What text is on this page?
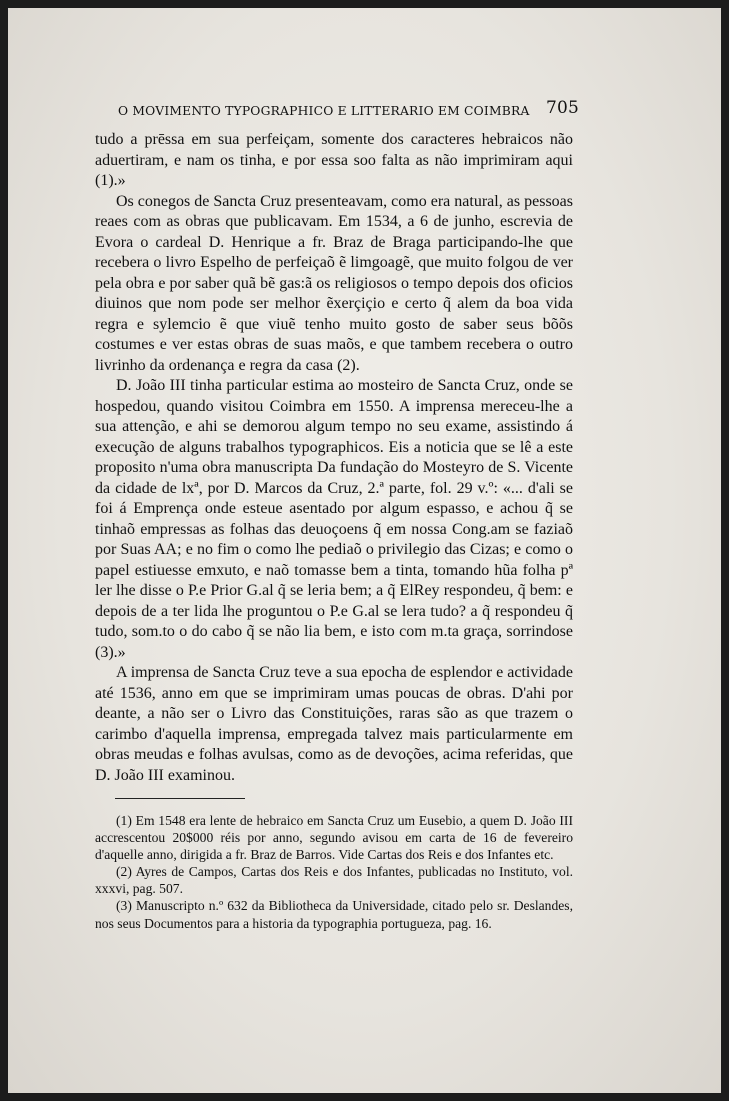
O MOVIMENTO TYPOGRAPHICO E LITTERARIO EM COIMBRA 705

tudo a prēssa em sua perfeiçam, somente dos caracteres hebraicos não aduertiram, e nam os tinha, e por essa soo falta as não imprimiram aqui (1).»

Os conegos de Sancta Cruz presenteavam, como era natural, as pessoas reaes com as obras que publicavam. Em 1534, a 6 de junho, escrevia de Evora o cardeal D. Henrique a fr. Braz de Braga participando-lhe que recebera o livro Espelho de perfeiçaõ ẽ limgoagẽ, que muito folgou de ver pela obra e por saber quã bẽ gas:ã os religiosos o tempo depois dos oficios diuinos que nom pode ser melhor ẽxerçiçio e certo q̃ alem da boa vida regra e sylemcio ẽ que viuẽ tenho muito gosto de saber seus bõõs costumes e ver estas obras de suas maõs, e que tambem recebera o outro livrinho da ordenança e regra da casa (2).

D. João III tinha particular estima ao mosteiro de Sancta Cruz, onde se hospedou, quando visitou Coimbra em 1550. A imprensa mereceu-lhe a sua attenção, e ahi se demorou algum tempo no seu exame, assistindo á execução de alguns trabalhos typographicos. Eis a noticia que se lê a este proposito n'uma obra manuscripta Da fundação do Mosteyro de S. Vicente da cidade de lxª, por D. Marcos da Cruz, 2.ª parte, fol. 29 v.º: «... d'ali se foi á Emprença onde esteue asentado por algum espasso, e achou q̃ se tinhaõ empressas as folhas das deuoçoens q̃ em nossa Cong.am se faziaõ por Suas AA; e no fim o como lhe pediaõ o privilegio das Cizas; e como o papel estiuesse emxuto, e naõ tomasse bem a tinta, tomando hũa folha pª ler lhe disse o P.e Prior G.al q̃ se leria bem; a q̃ ElRey respondeu, q̃ bem: e depois de a ter lida lhe proguntou o P.e G.al se lera tudo? a q̃ respondeu q̃ tudo, som.to o do cabo q̃ se não lia bem, e isto com m.ta graça, sorrindose (3).»

A imprensa de Sancta Cruz teve a sua epocha de esplendor e actividade até 1536, anno em que se imprimiram umas poucas de obras. D'ahi por deante, a não ser o Livro das Constituições, raras são as que trazem o carimbo d'aquella imprensa, empregada talvez mais particularmente em obras meudas e folhas avulsas, como as de devoções, acima referidas, que D. João III examinou.

(1) Em 1548 era lente de hebraico em Sancta Cruz um Eusebio, a quem D. João III accrescentou 20$000 réis por anno, segundo avisou em carta de 16 de fevereiro d'aquelle anno, dirigida a fr. Braz de Barros. Vide Cartas dos Reis e dos Infantes etc.

(2) Ayres de Campos, Cartas dos Reis e dos Infantes, publicadas no Instituto, vol. xxxvi, pag. 507.

(3) Manuscripto n.º 632 da Bibliotheca da Universidade, citado pelo sr. Deslandes, nos seus Documentos para a historia da typographia portugueza, pag. 16.
